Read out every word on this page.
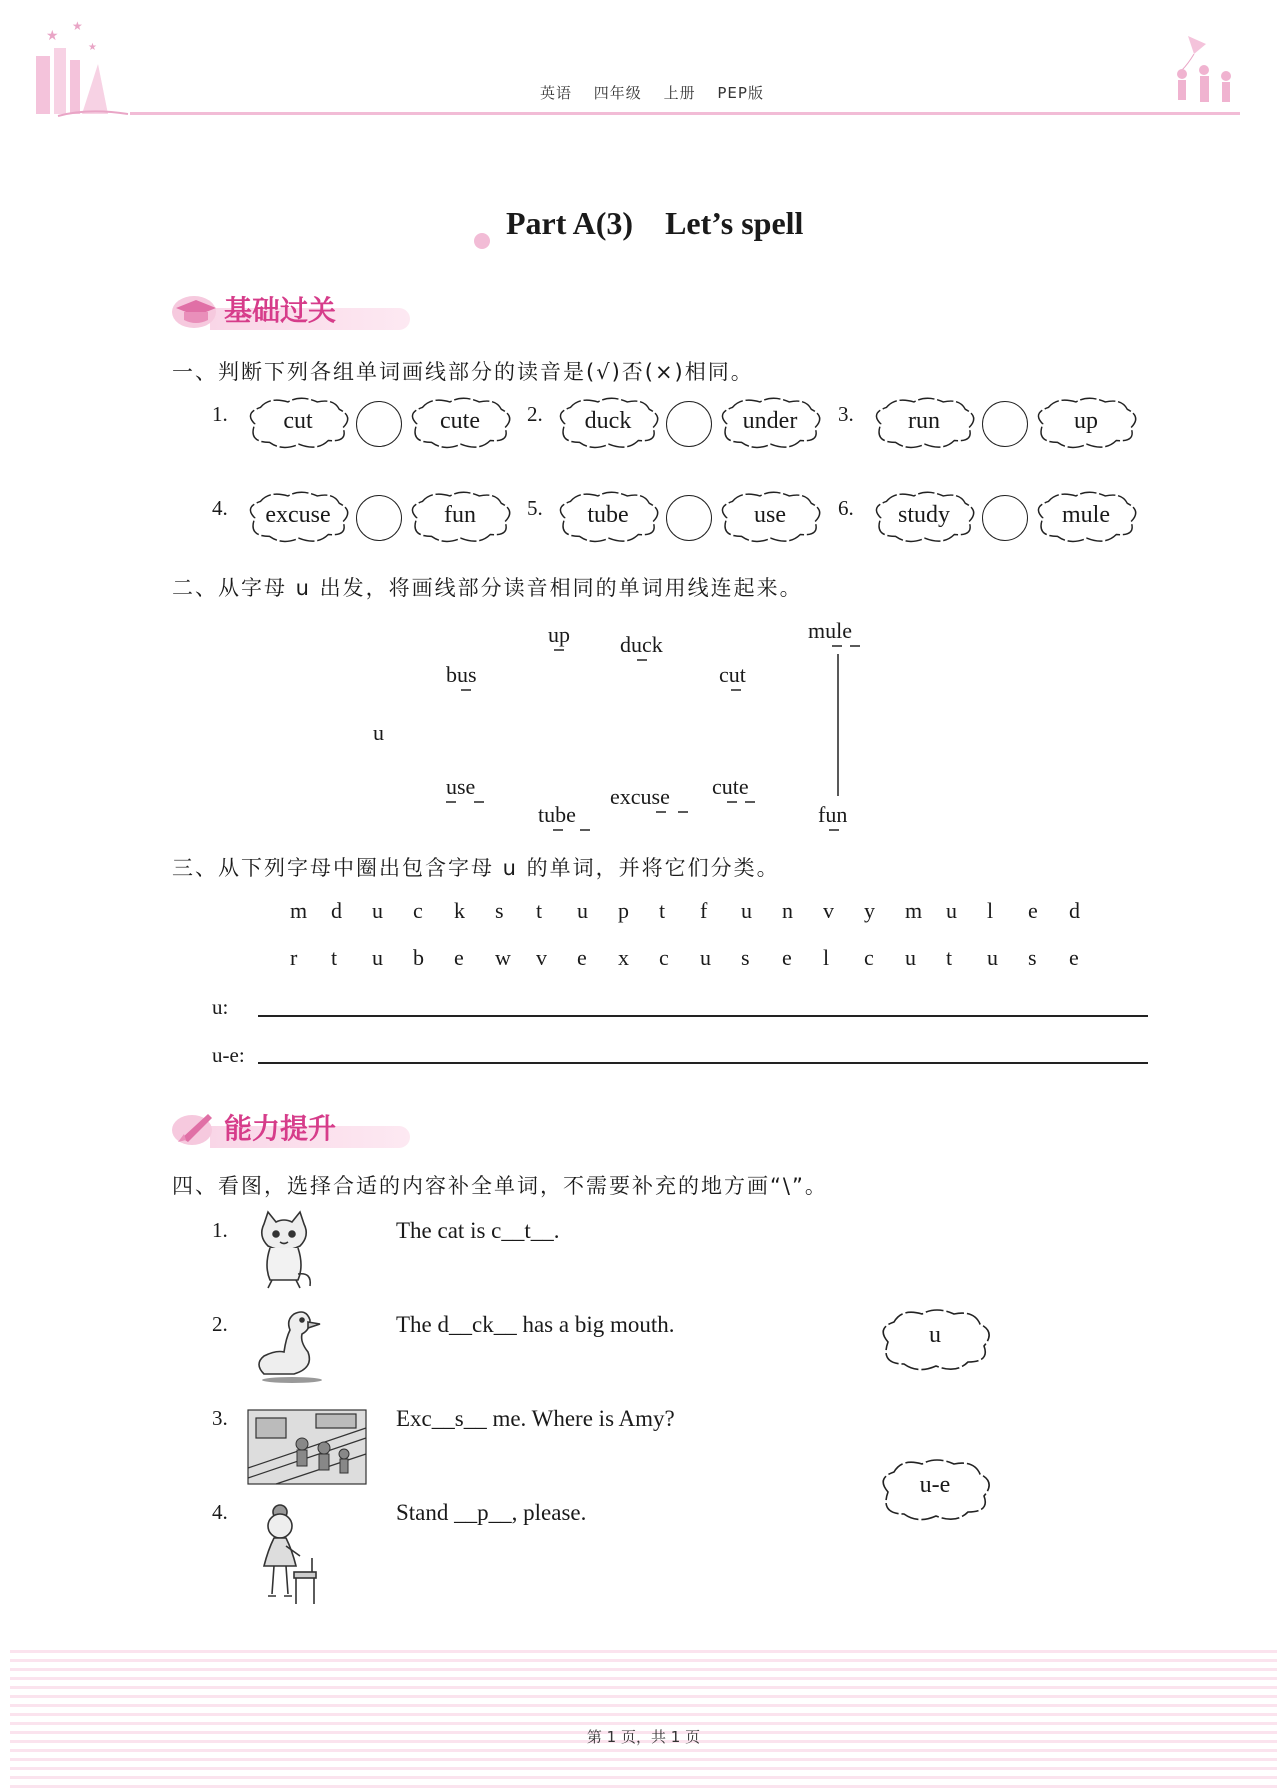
★
★
★
英语 四年级 上册 PEP版
Part A(3)　Let’s spell
基础过关
一、判断下列各组单词画线部分的读音是(√)否(×)相同。
1.	cut	cute	2.	duck	under	3.	run	up
4.	excuse	fun	5.	tube	use	6.	study	mule
二、从字母 u 出发，将画线部分读音相同的单词用线连起来。
u
up duck
mule
bus	cut
use
tube
excuse cute
fun
三、从下列字母中圈出包含字母 u 的单词，并将它们分类。
m	d	u	c	k	s	t	u	p	t	f	u	n	v	y	m	u	l	e	d
r	t	u	b	e	w	v	e	x	c	u	s	e	l	c	u	t	u	s	e
u:
u-e:
能力提升
四、看图，选择合适的内容补全单词，不需要补充的地方画“\”。
1.	The cat is c__t__.
2.	The d__ck__ has a big mouth.
3.	Exc__s__ me. Where is Amy?
4.	Stand __p__, please.
u
u-e
第 1 页，共 1 页
